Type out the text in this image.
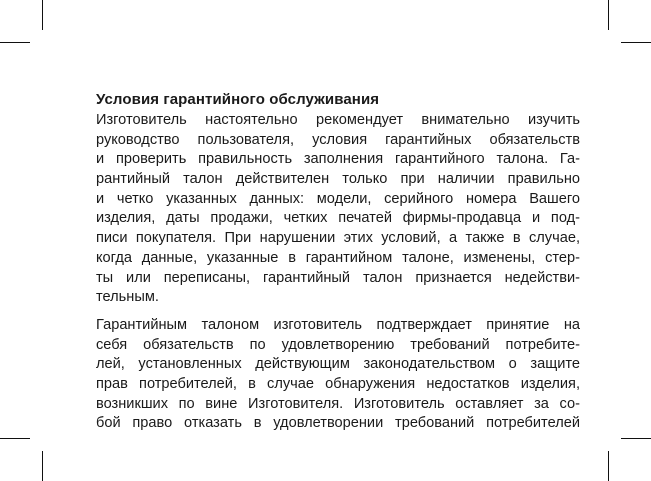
Условия гарантийного обслуживания
Изготовитель настоятельно рекомендует внимательно изучить
руководство пользователя, условия гарантийных обязательств
и проверить правильность заполнения гарантийного талона. Га-
рантийный талон действителен только при наличии правильно
и четко указанных данных: модели, серийного номера Вашего
изделия, даты продажи, четких печатей фирмы-продавца и под-
писи покупателя. При нарушении этих условий, а также в случае,
когда данные, указанные в гарантийном талоне, изменены, стер-
ты или переписаны, гарантийный талон признается недействи-
тельным.
Гарантийным талоном изготовитель подтверждает принятие на
себя обязательств по удовлетворению требований потребите-
лей, установленных действующим законодательством о защите
прав потребителей, в случае обнаружения недостатков изделия,
возникших по вине Изготовителя. Изготовитель оставляет за со-
бой право отказать в удовлетворении требований потребителей
